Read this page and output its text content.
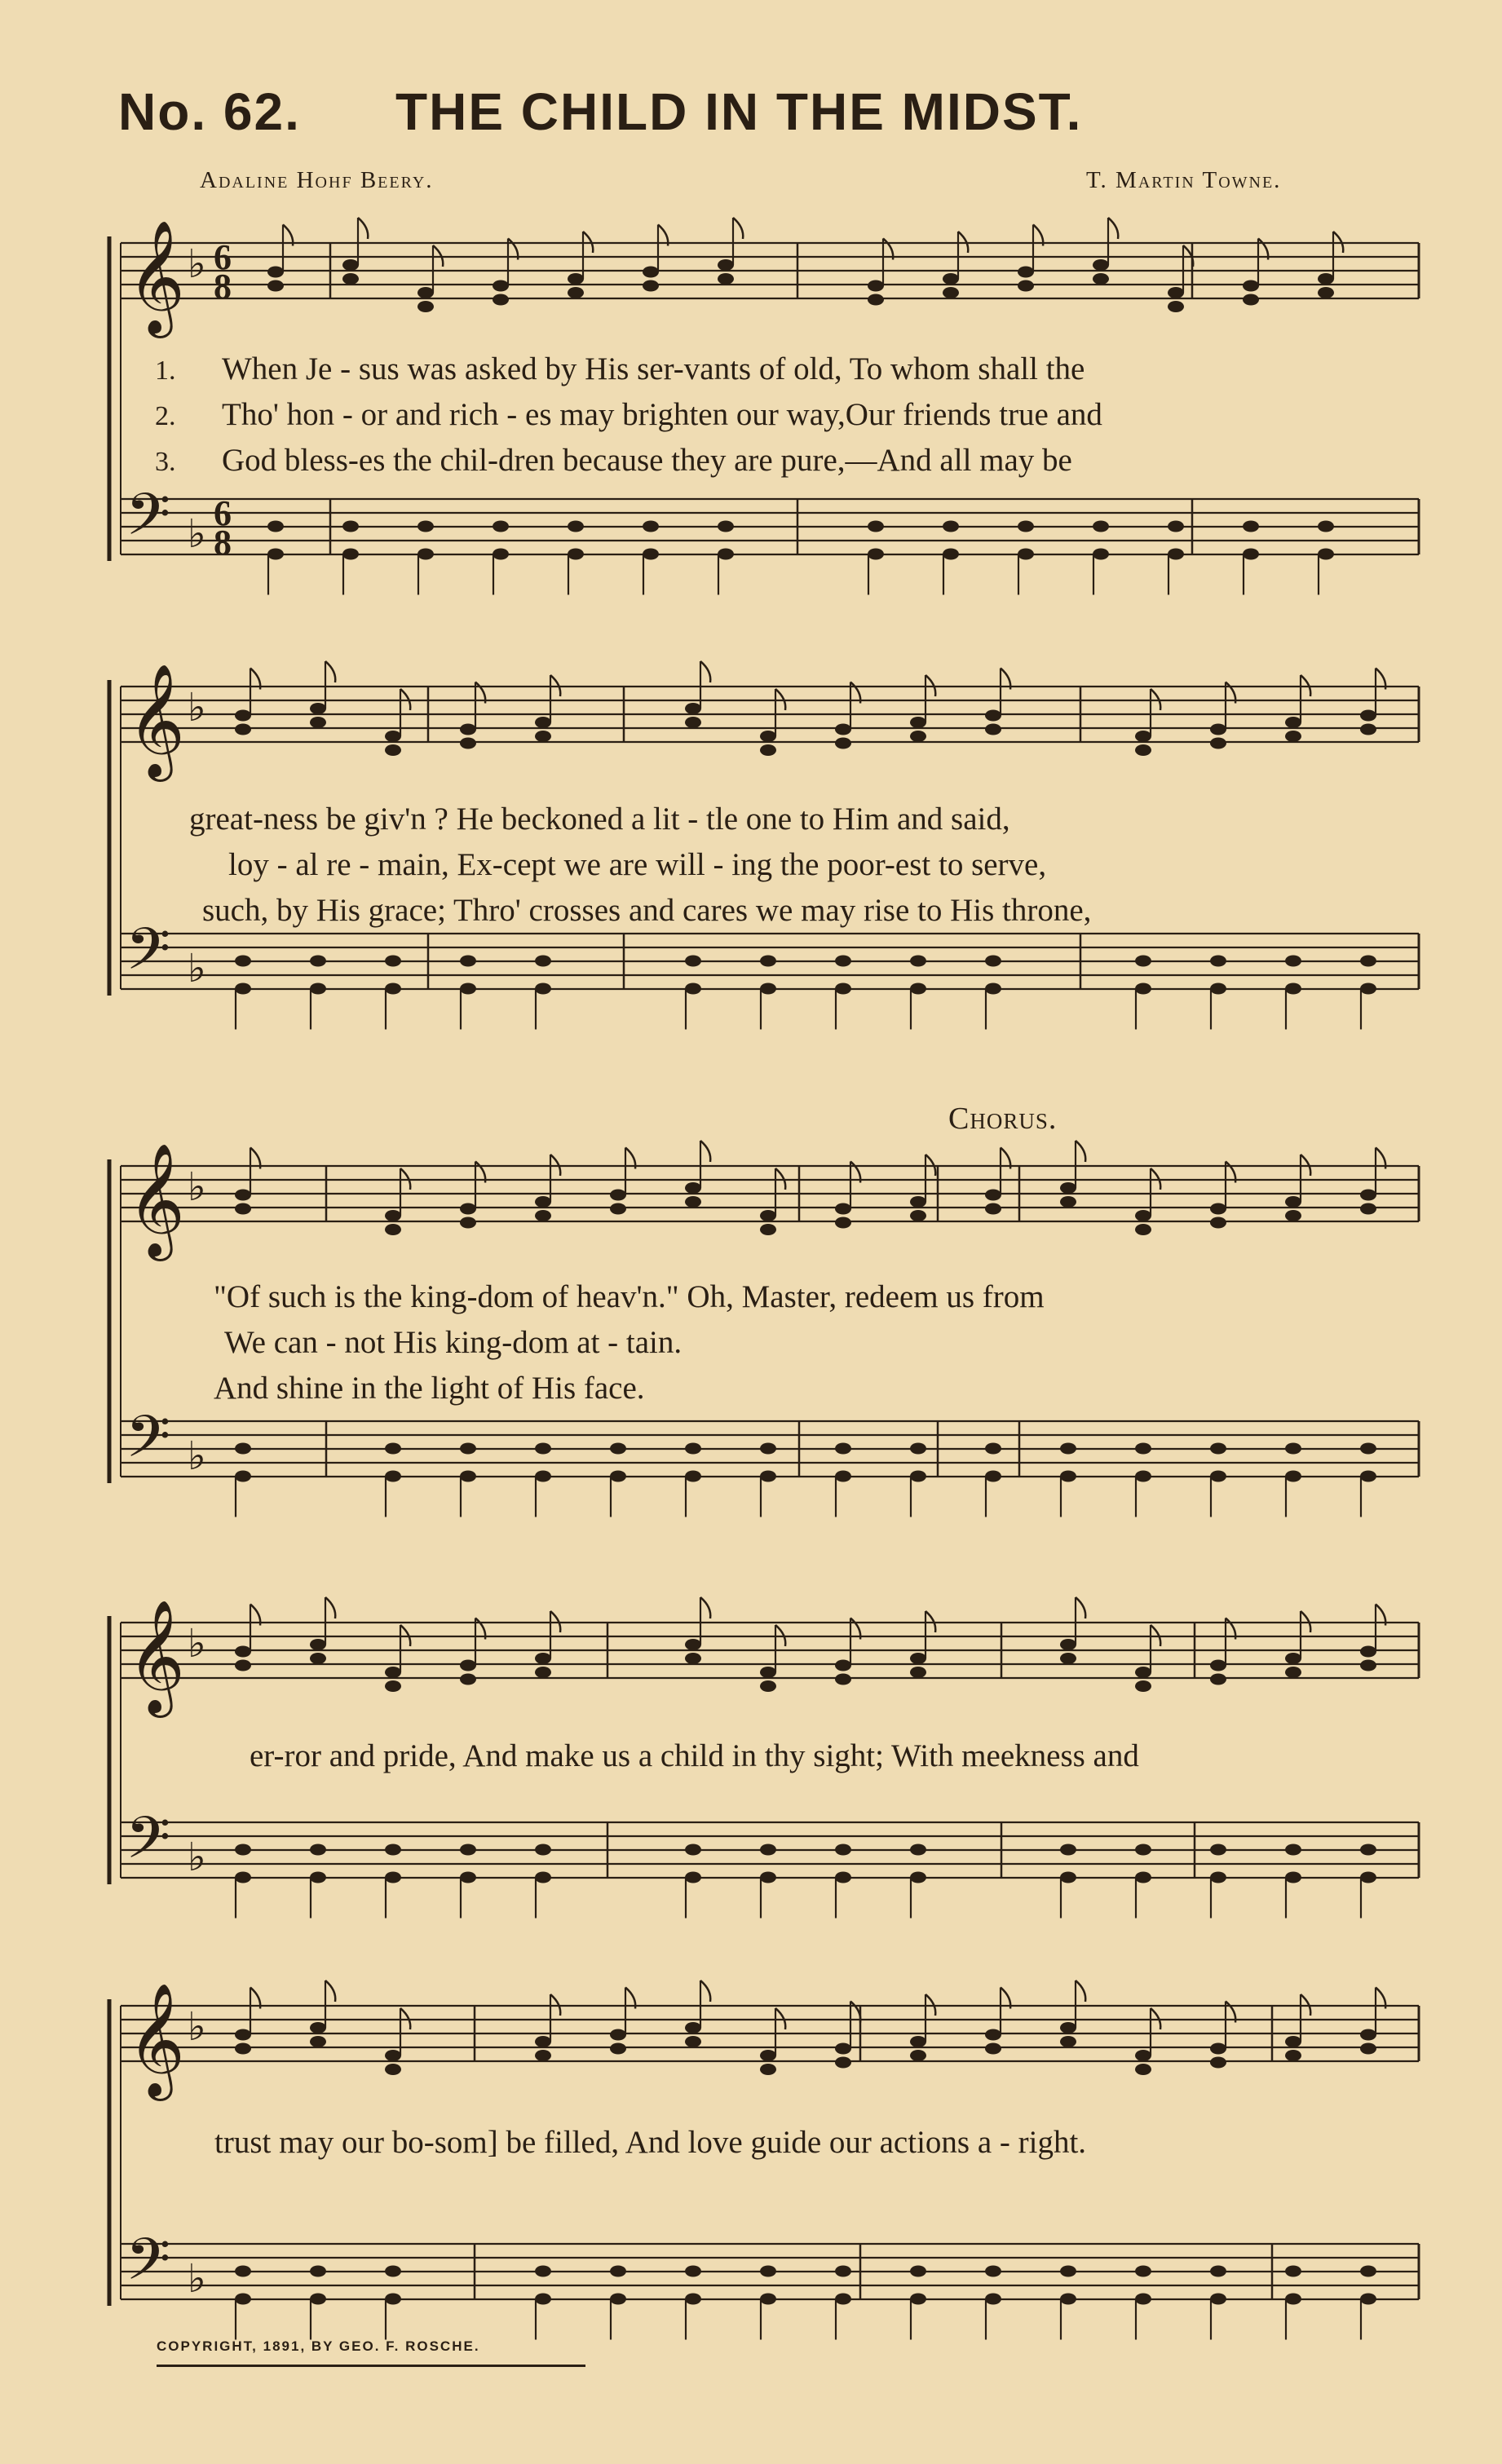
𝄞
𝄢
♭
♭
𝄞
𝄢
♭
♭
𝄞
𝄢
♭
♭
𝄞
𝄢
♭
♭
𝄞
𝄢
♭
♭
6
8
6
8
No. 62. THE CHILD IN THE MIDST.
Adaline Hohf Beery.	T. Martin Towne.
1.
2.
3.
When Je - sus was asked by His ser-vants of old, To whom shall the
Tho' hon - or and rich - es may brighten our way,Our friends true and
God bless-es the chil-dren because they are pure,—And all may be
great-ness be giv'n ? He beckoned a lit - tle one to Him and said,
loy - al re - main, Ex-cept we are will - ing the poor-est to serve,
such, by His grace; Thro' crosses and cares we may rise to His throne,
Chorus.
"Of such is the king-dom of heav'n." Oh, Master, redeem us from
We can - not His king-dom at - tain.
And shine in the light of His face.
er-ror and pride, And make us a child in thy sight; With meekness and
trust may our bo-som] be filled, And love guide our actions a - right.
COPYRIGHT, 1891, BY GEO. F. ROSCHE.
